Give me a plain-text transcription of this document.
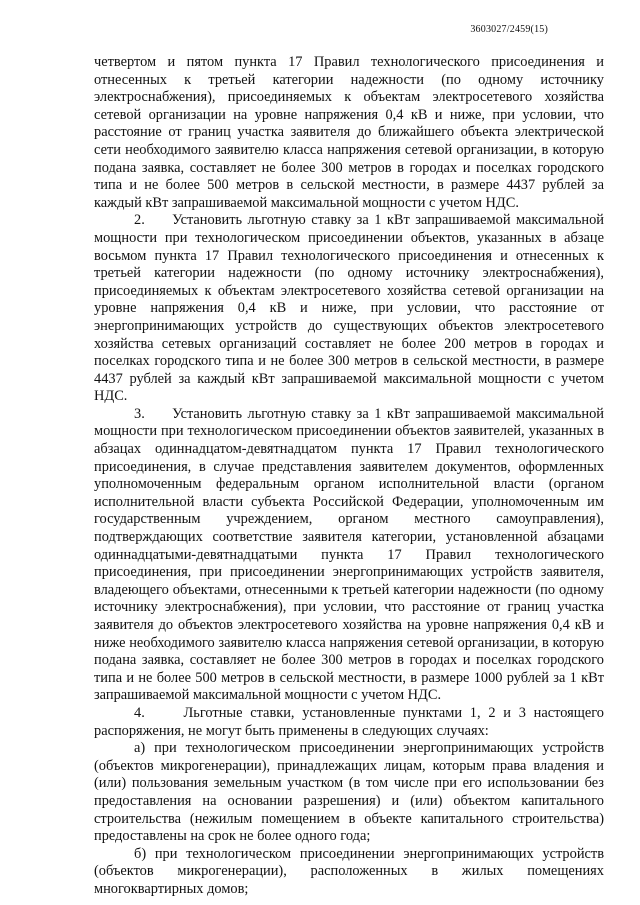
3603027/2459(15)

четвертом и пятом пункта 17 Правил технологического присоединения и отнесенных к третьей категории надежности (по одному источнику электроснабжения), присоединяемых к объектам электросетевого хозяйства сетевой организации на уровне напряжения 0,4 кВ и ниже, при условии, что расстояние от границ участка заявителя до ближайшего объекта электрической сети необходимого заявителю класса напряжения сетевой организации, в которую подана заявка, составляет не более 300 метров в городах и поселках городского типа и не более 500 метров в сельской местности, в размере 4437 рублей за каждый кВт запрашиваемой максимальной мощности с учетом НДС.

2.     Установить льготную ставку за 1 кВт запрашиваемой максимальной мощности при технологическом присоединении объектов, указанных в абзаце восьмом пункта 17 Правил технологического присоединения и отнесенных к третьей категории надежности (по одному источнику электроснабжения), присоединяемых к объектам электросетевого хозяйства сетевой организации на уровне напряжения 0,4 кВ и ниже, при условии, что расстояние от энергопринимающих устройств до существующих объектов электросетевого хозяйства сетевых организаций составляет не более 200 метров в городах и поселках городского типа и не более 300 метров в сельской местности, в размере 4437 рублей за каждый кВт запрашиваемой максимальной мощности с учетом НДС.

3.     Установить льготную ставку за 1 кВт запрашиваемой максимальной мощности при технологическом присоединении объектов заявителей, указанных в абзацах одиннадцатом-девятнадцатом пункта 17 Правил технологического присоединения, в случае представления заявителем документов, оформленных уполномоченным федеральным органом исполнительной власти (органом исполнительной власти субъекта Российской Федерации, уполномоченным им государственным учреждением, органом местного самоуправления), подтверждающих соответствие заявителя категории, установленной абзацами одиннадцатыми-девятнадцатыми пункта 17 Правил технологического присоединения, при присоединении энергопринимающих устройств заявителя, владеющего объектами, отнесенными к третьей категории надежности (по одному источнику электроснабжения), при условии, что расстояние от границ участка заявителя до объектов электросетевого хозяйства на уровне напряжения 0,4 кВ и ниже необходимого заявителю класса напряжения сетевой организации, в которую подана заявка, составляет не более 300 метров в городах и поселках городского типа и не более 500 метров в сельской местности, в размере 1000 рублей за 1 кВт запрашиваемой максимальной мощности с учетом НДС.

4.     Льготные ставки, установленные пунктами 1, 2 и 3 настоящего распоряжения, не могут быть применены в следующих случаях:

а) при технологическом присоединении энергопринимающих устройств (объектов микрогенерации), принадлежащих лицам, которым права владения и (или) пользования земельным участком (в том числе при его использовании без предоставления на основании разрешения) и (или) объектом капитального строительства (нежилым помещением в объекте капитального строительства) предоставлены на срок не более одного года;

б) при технологическом присоединении энергопринимающих устройств (объектов микрогенерации), расположенных в жилых помещениях многоквартирных домов;
